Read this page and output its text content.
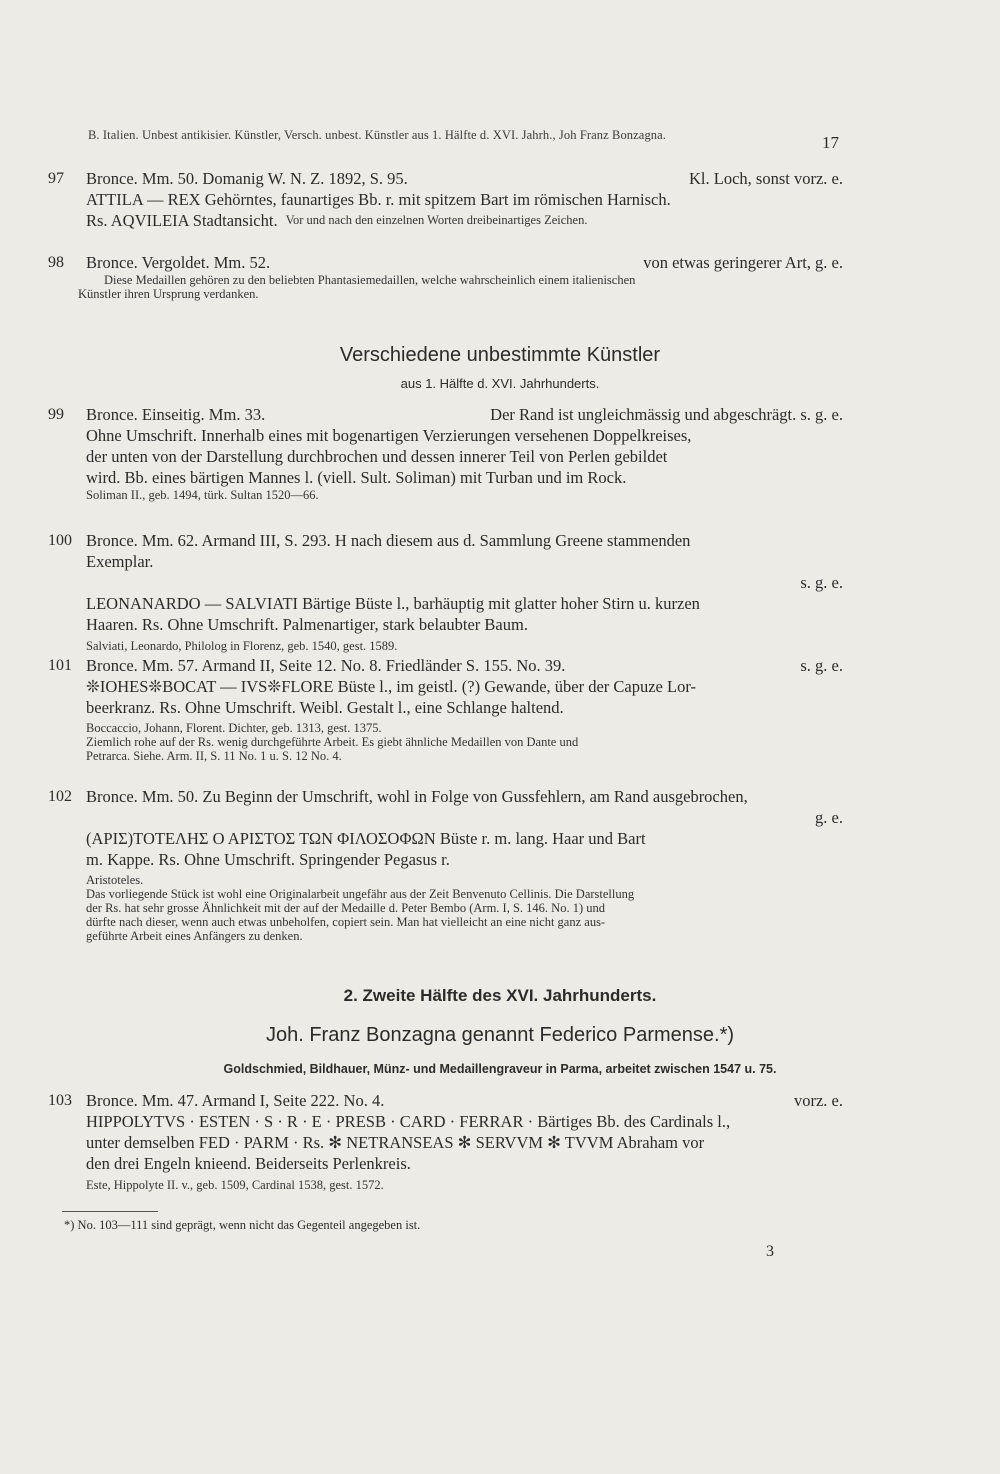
B. Italien. Unbest antikisier. Künstler, Versch. unbest. Künstler aus 1. Hälfte d. XVI. Jahrh., Joh Franz Bonzagna.	17
97	Bronce. Mm. 50. Domanig W. N. Z. 1892, S. 95.	Kl. Loch, sonst vorz. e.
ATTILA — REX Gehörntes, faunartiges Bb. r. mit spitzem Bart im römischen Harnisch.
Rs. AQVILEIA Stadtansicht. Vor und nach den einzelnen Worten dreibeinartiges Zeichen.
98	Bronce. Vergoldet. Mm. 52.	von etwas geringerer Art, g. e.
Diese Medaillen gehören zu den beliebten Phantasiemedaillen, welche wahrscheinlich einem italienischen
Künstler ihren Ursprung verdanken.
Verschiedene unbestimmte Künstler
aus 1. Hälfte d. XVI. Jahrhunderts.
99	Bronce. Einseitig. Mm. 33.	Der Rand ist ungleichmässig und abgeschrägt. s. g. e.
Ohne Umschrift. Innerhalb eines mit bogenartigen Verzierungen versehenen Doppelkreises,
der unten von der Darstellung durchbrochen und dessen innerer Teil von Perlen gebildet
wird. Bb. eines bärtigen Mannes l. (viell. Sult. Soliman) mit Turban und im Rock.
Soliman II., geb. 1494, türk. Sultan 1520—66.
100 Bronce. Mm. 62. Armand III, S. 293. H nach diesem aus d. Sammlung Greene stammenden
Exemplar.
s. g. e.
LEONANARDO — SALVIATI Bärtige Büste l., barhäuptig mit glatter hoher Stirn u. kurzen
Haaren. Rs. Ohne Umschrift. Palmenartiger, stark belaubter Baum.
Salviati, Leonardo, Philolog in Florenz, geb. 1540, gest. 1589.
101 Bronce. Mm. 57. Armand II, Seite 12. No. 8. Friedländer S. 155. No. 39.	s. g. e.
❊IOHES❊BOCAT — IVS❊FLORE Büste l., im geistl. (?) Gewande, über der Capuze Lor-
beerkranz. Rs. Ohne Umschrift. Weibl. Gestalt l., eine Schlange haltend.
Boccaccio, Johann, Florent. Dichter, geb. 1313, gest. 1375.
Ziemlich rohe auf der Rs. wenig durchgeführte Arbeit. Es giebt ähnliche Medaillen von Dante und
Petrarca. Siehe. Arm. II, S. 11 No. 1 u. S. 12 No. 4.
102 Bronce. Mm. 50. Zu Beginn der Umschrift, wohl in Folge von Gussfehlern, am Rand ausgebrochen,
g. e.
(ΑΡΙΣ)ΤΟΤΕΛΗΣ Ο ΑΡΙΣΤΟΣ ΤΩΝ ΦΙΛΟΣΟΦΩΝ Büste r. m. lang. Haar und Bart
m. Kappe. Rs. Ohne Umschrift. Springender Pegasus r.
Aristoteles.
Das vorliegende Stück ist wohl eine Originalarbeit ungefähr aus der Zeit Benvenuto Cellinis. Die Darstellung
der Rs. hat sehr grosse Ähnlichkeit mit der auf der Medaille d. Peter Bembo (Arm. I, S. 146. No. 1) und
dürfte nach dieser, wenn auch etwas unbeholfen, copiert sein. Man hat vielleicht an eine nicht ganz aus-
geführte Arbeit eines Anfängers zu denken.
2. Zweite Hälfte des XVI. Jahrhunderts.
Joh. Franz Bonzagna genannt Federico Parmense.*)
Goldschmied, Bildhauer, Münz- und Medaillengraveur in Parma, arbeitet zwischen 1547 u. 75.
103 Bronce. Mm. 47. Armand I, Seite 222. No. 4.	vorz. e.
HIPPOLYTVS · ESTEN · S · R · E · PRESB · CARD · FERRAR · Bärtiges Bb. des Cardinals l.,
unter demselben FED · PARM · Rs. ✻ NETRANSEAS ✻ SERVVM ✻ TVVM Abraham vor
den drei Engeln knieend. Beiderseits Perlenkreis.
Este, Hippolyte II. v., geb. 1509, Cardinal 1538, gest. 1572.
*) No. 103—111 sind geprägt, wenn nicht das Gegenteil angegeben ist.
3
